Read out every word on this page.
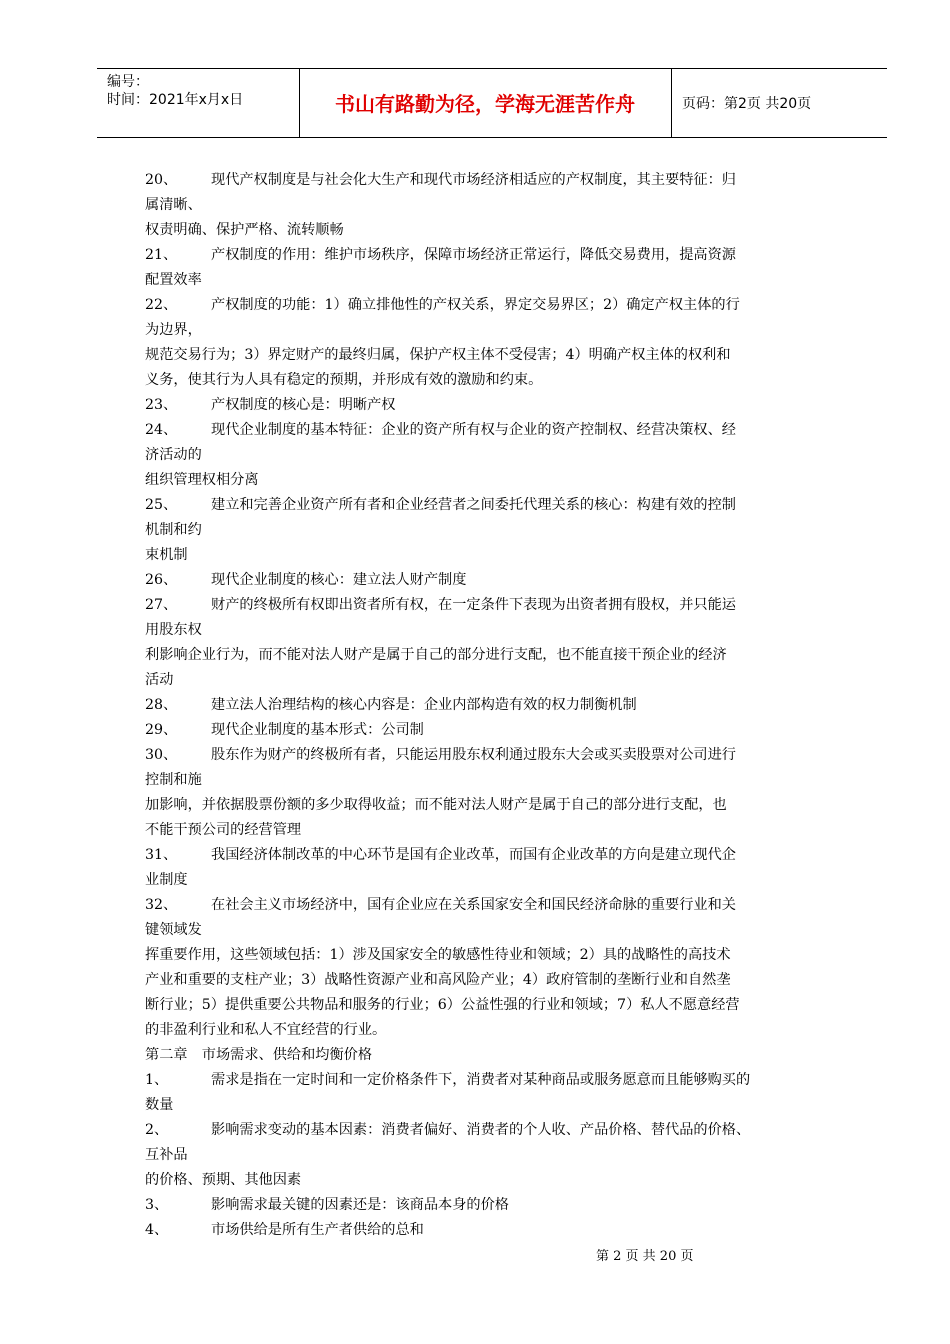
编号：
时间：2021年x月x日	书山有路勤为径，学海无涯苦作舟	页码：第2页 共20页

20、 现代产权制度是与社会化大生产和现代市场经济相适应的产权制度，其主要特征：归

属清晰、

权责明确、保护严格、流转顺畅

21、 产权制度的作用：维护市场秩序，保障市场经济正常运行，降低交易费用，提高资源

配置效率

22、 产权制度的功能：1）确立排他性的产权关系，界定交易界区；2）确定产权主体的行

为边界，

规范交易行为；3）界定财产的最终归属，保护产权主体不受侵害；4）明确产权主体的权利和

义务，使其行为人具有稳定的预期，并形成有效的激励和约束。

23、 产权制度的核心是：明晰产权

24、 现代企业制度的基本特征：企业的资产所有权与企业的资产控制权、经营决策权、经

济活动的

组织管理权相分离

25、 建立和完善企业资产所有者和企业经营者之间委托代理关系的核心：构建有效的控制

机制和约

束机制

26、 现代企业制度的核心：建立法人财产制度

27、 财产的终极所有权即出资者所有权，在一定条件下表现为出资者拥有股权，并只能运

用股东权

利影响企业行为，而不能对法人财产是属于自己的部分进行支配，也不能直接干预企业的经济

活动

28、 建立法人治理结构的核心内容是：企业内部构造有效的权力制衡机制

29、 现代企业制度的基本形式：公司制

30、 股东作为财产的终极所有者，只能运用股东权利通过股东大会或买卖股票对公司进行

控制和施

加影响，并依据股票份额的多少取得收益；而不能对法人财产是属于自己的部分进行支配，也

不能干预公司的经营管理

31、 我国经济体制改革的中心环节是国有企业改革，而国有企业改革的方向是建立现代企

业制度

32、 在社会主义市场经济中，国有企业应在关系国家安全和国民经济命脉的重要行业和关

键领域发

挥重要作用，这些领域包括：1）涉及国家安全的敏感性待业和领域；2）具的战略性的高技术

产业和重要的支柱产业；3）战略性资源产业和高风险产业；4）政府管制的垄断行业和自然垄

断行业；5）提供重要公共物品和服务的行业；6）公益性强的行业和领域；7）私人不愿意经营

的非盈利行业和私人不宜经营的行业。

第二章　市场需求、供给和均衡价格

1、	需求是指在一定时间和一定价格条件下，消费者对某种商品或服务愿意而且能够购买的

数量

2、	影响需求变动的基本因素：消费者偏好、消费者的个人收、产品价格、替代品的价格、

互补品

的价格、预期、其他因素

3、	影响需求最关键的因素还是：该商品本身的价格

4、	市场供给是所有生产者供给的总和

第 2 页 共 20 页
